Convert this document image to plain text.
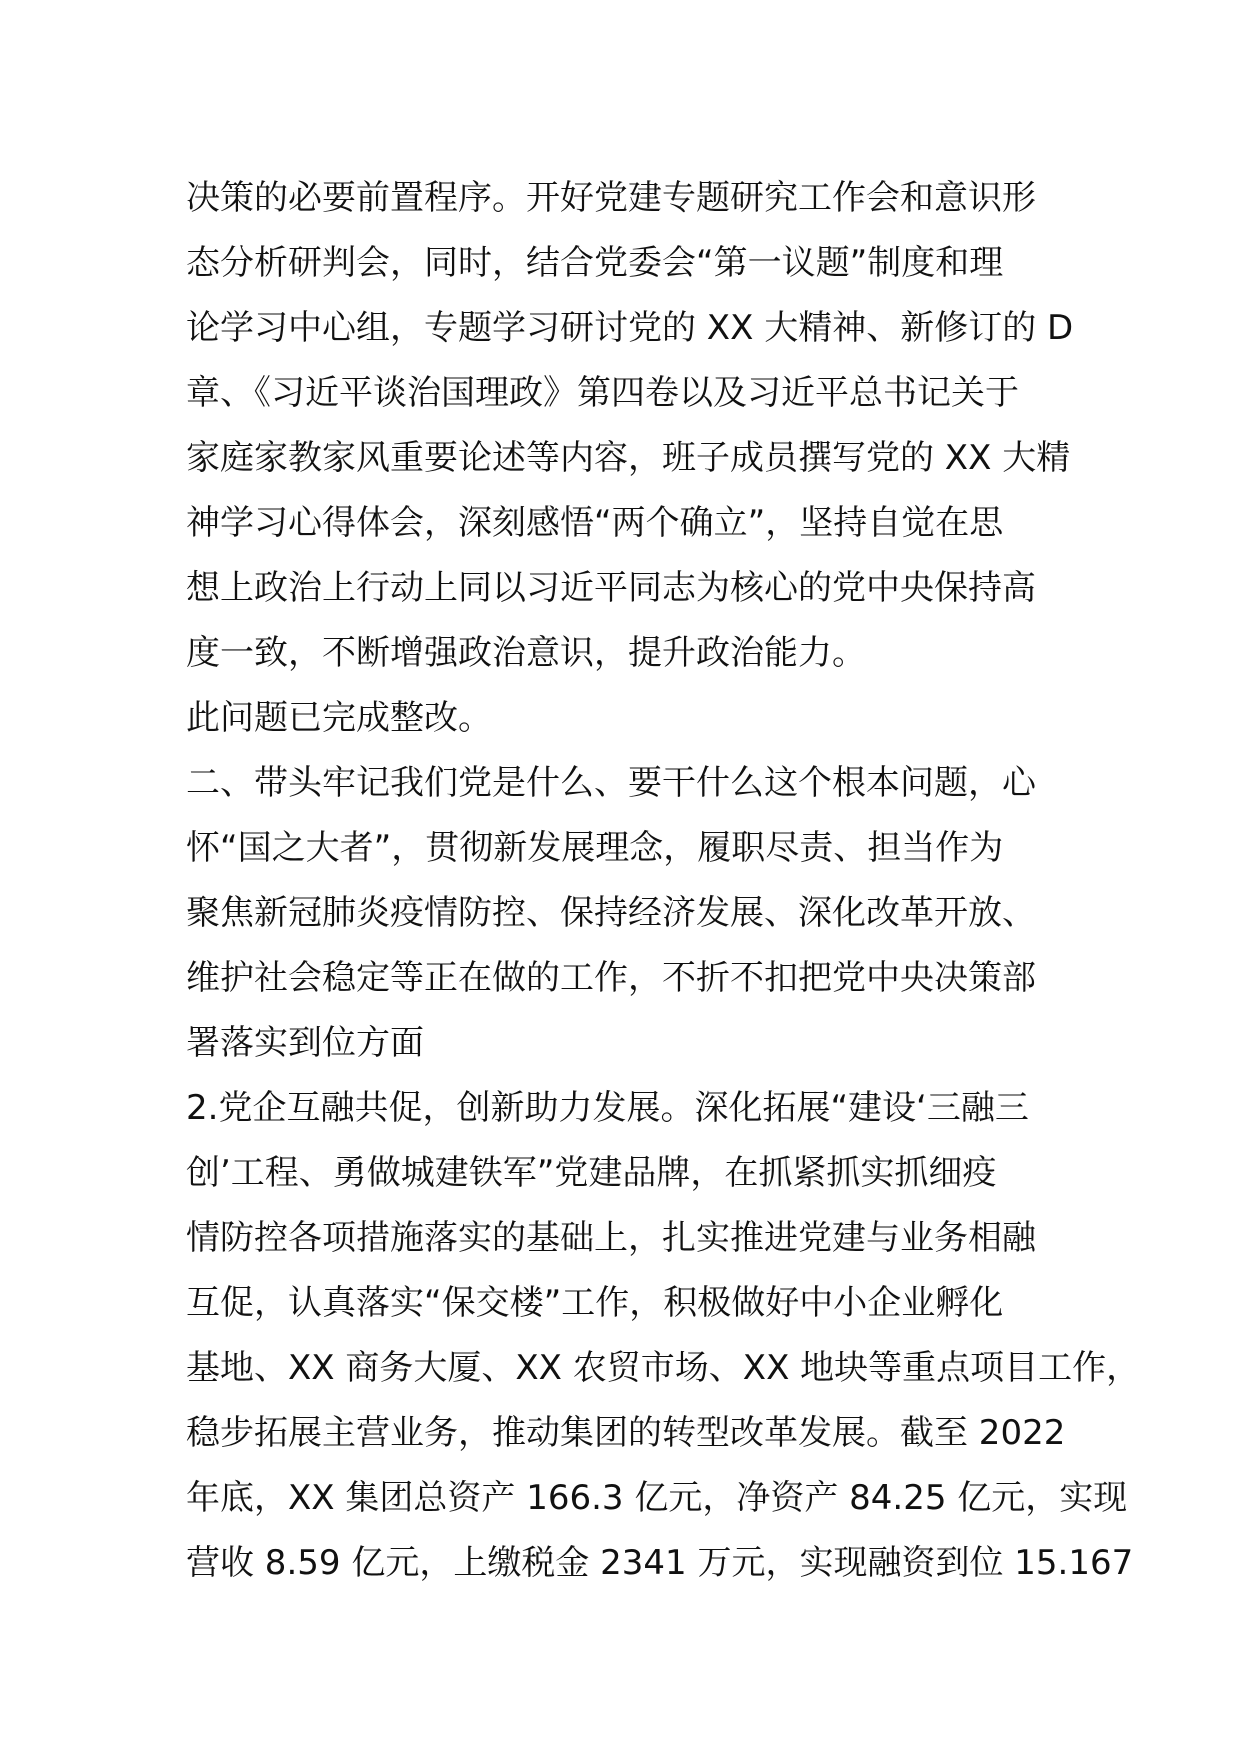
决策的必要前置程序。开好党建专题研究工作会和意识形
态分析研判会，同时，结合党委会“第一议题”制度和理
论学习中心组，专题学习研讨党的 XX 大精神、新修订的 D
章、《习近平谈治国理政》第四卷以及习近平总书记关于
家庭家教家风重要论述等内容，班子成员撰写党的 XX 大精
神学习心得体会，深刻感悟“两个确立”，坚持自觉在思
想上政治上行动上同以习近平同志为核心的党中央保持高
度一致，不断增强政治意识，提升政治能力。
此问题已完成整改。
二、带头牢记我们党是什么、要干什么这个根本问题，心
怀“国之大者”，贯彻新发展理念，履职尽责、担当作为
聚焦新冠肺炎疫情防控、保持经济发展、深化改革开放、
维护社会稳定等正在做的工作，不折不扣把党中央决策部
署落实到位方面
2.党企互融共促，创新助力发展。深化拓展“建设‘三融三
创’工程、勇做城建铁军”党建品牌，在抓紧抓实抓细疫
情防控各项措施落实的基础上，扎实推进党建与业务相融
互促，认真落实“保交楼”工作，积极做好中小企业孵化
基地、XX 商务大厦、XX 农贸市场、XX 地块等重点项目工作，
稳步拓展主营业务，推动集团的转型改革发展。截至 2022
年底，XX 集团总资产 166.3 亿元，净资产 84.25 亿元，实现
营收 8.59 亿元，上缴税金 2341 万元，实现融资到位 15.167
